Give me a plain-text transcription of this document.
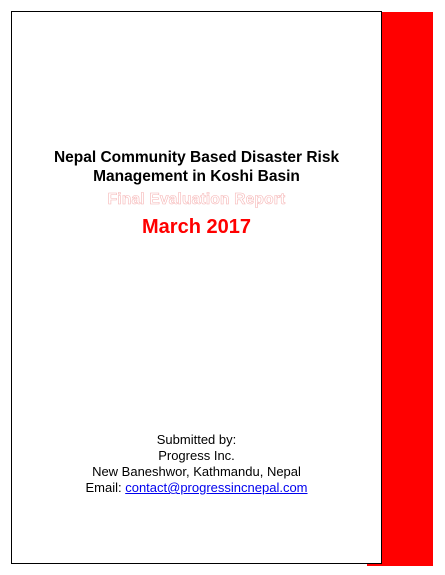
Nepal Community Based Disaster Risk
Management in Koshi Basin
Final Evaluation Report
March 2017
Submitted by:
Progress Inc.
New Baneshwor, Kathmandu, Nepal
Email: contact@progressincnepal.com
